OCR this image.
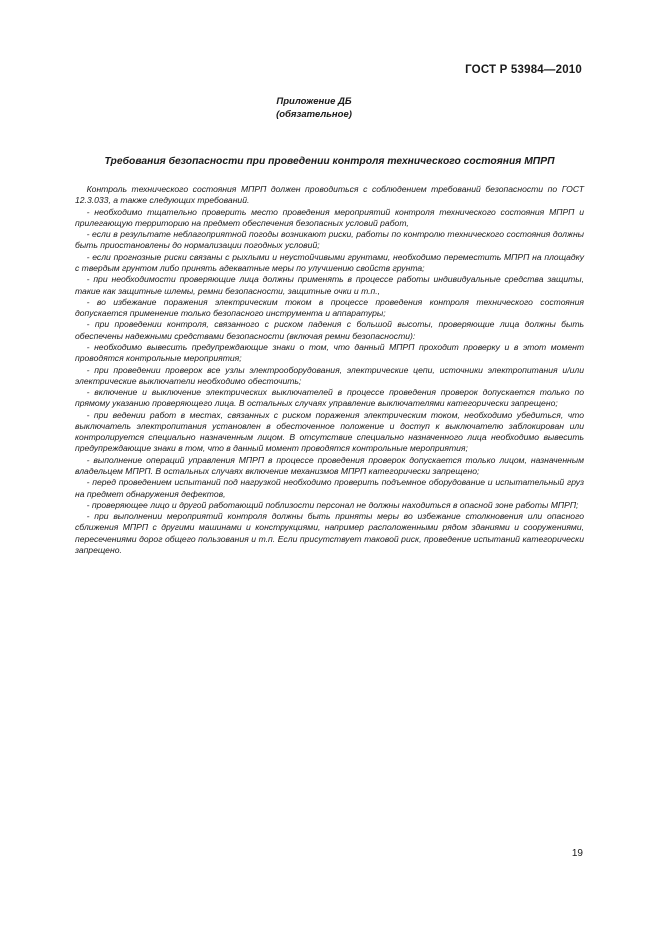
ГОСТ Р 53984—2010
Приложение ДБ
(обязательное)
Требования безопасности при проведении контроля технического состояния МПРП

Контроль технического состояния МПРП должен проводиться с соблюдением требований безопасности по ГОСТ 12.3.033, а также следующих требований.

- необходимо тщательно проверить место проведения мероприятий контроля технического состояния МПРП и прилегающую территорию на предмет обеспечения безопасных условий работ,

- если в результате неблагоприятной погоды возникают риски, работы по контролю технического состояния должны быть приостановлены до нормализации погодных условий;

- если прогнозные риски связаны с рыхлыми и неустойчивыми грунтами, необходимо переместить МПРП на площадку с твердым грунтом либо принять адекватные меры по улучшению свойств грунта;

- при необходимости проверяющие лица должны применять в процессе работы индивидуальные средства защиты, такие как защитные шлемы, ремни безопасности, защитные очки и т.п.,

- во избежание поражения электрическим током в процессе проведения контроля технического состояния допускается применение только безопасного инструмента и аппаратуры;

- при проведении контроля, связанного с риском падения с большой высоты, проверяющие лица должны быть обеспечены надежными средствами безопасности (включая ремни безопасности):

- необходимо вывесить предупреждающие знаки о том, что данный МПРП проходит проверку и в этот момент проводятся контрольные мероприятия;

- при проведении проверок все узлы электрооборудования, электрические цепи, источники электропитания и/или электрические выключатели необходимо обесточить;

- включение и выключение электрических выключателей в процессе проведения проверок допускается только по прямому указанию проверяющего лица. В остальных случаях управление выключателями категорически запрещено;

- при ведении работ в местах, связанных с риском поражения электрическим током, необходимо убедиться, что выключатель электропитания установлен в обесточенное положение и доступ к выключателю заблокирован или контролируется специально назначенным лицом. В отсутствие специально назначенного лица необходимо вывесить предупреждающие знаки в том, что в данный момент проводятся контрольные мероприятия;

- выполнение операций управления МПРП в процессе проведения проверок допускается только лицом, назначенным владельцем МПРП. В остальных случаях включение механизмов МПРП категорически запрещено;

- перед проведением испытаний под нагрузкой необходимо проверить подъемное оборудование и испытательный груз на предмет обнаружения дефектов,

- проверяющее лицо и другой работающий поблизости персонал не должны находиться в опасной зоне работы МПРП;

- при выполнении мероприятий контроля должны быть приняты меры во избежание столкновения или опасного сближения МПРП с другими машинами и конструкциями, например расположенными рядом зданиями и сооружениями, пересечениями дорог общего пользования и т.п. Если присутствует таковой риск, проведение испытаний категорически запрещено.

19
